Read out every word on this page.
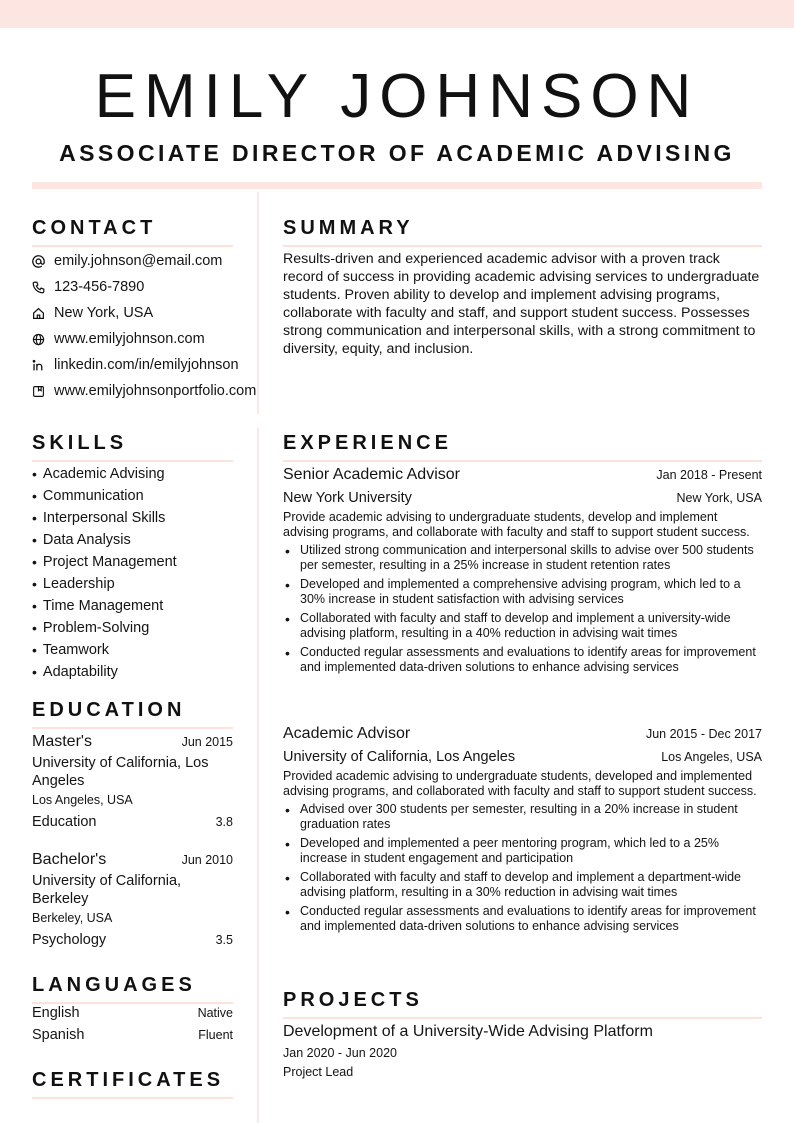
EMILY JOHNSON
ASSOCIATE DIRECTOR OF ACADEMIC ADVISING
CONTACT
emily.johnson@email.com
123-456-7890
New York, USA
www.emilyjohnson.com
linkedin.com/in/emilyjohnson
www.emilyjohnsonportfolio.com
SKILLS
• Academic Advising
• Communication
• Interpersonal Skills
• Data Analysis
• Project Management
• Leadership
• Time Management
• Problem-Solving
• Teamwork
• Adaptability
EDUCATION
Master's	Jun 2015
University of California, Los Angeles
Los Angeles, USA
Education	3.8
Bachelor's	Jun 2010
University of California, Berkeley
Berkeley, USA
Psychology	3.5
LANGUAGES
English	Native
Spanish	Fluent
CERTIFICATES
SUMMARY

Results-driven and experienced academic advisor with a proven track record of success in providing academic advising services to undergraduate students. Proven ability to develop and implement advising programs, collaborate with faculty and staff, and support student success. Possesses strong communication and interpersonal skills, with a strong commitment to diversity, equity, and inclusion.

EXPERIENCE
Senior Academic Advisor	Jan 2018 - Present
New York University	New York, USA
Provide academic advising to undergraduate students, develop and implement advising programs, and collaborate with faculty and staff to support student success.
• Utilized strong communication and interpersonal skills to advise over 500 students per semester, resulting in a 25% increase in student retention rates
• Developed and implemented a comprehensive advising program, which led to a 30% increase in student satisfaction with advising services
• Collaborated with faculty and staff to develop and implement a university-wide advising platform, resulting in a 40% reduction in advising wait times
• Conducted regular assessments and evaluations to identify areas for improvement and implemented data-driven solutions to enhance advising services
Academic Advisor	Jun 2015 - Dec 2017
University of California, Los Angeles	Los Angeles, USA
Provided academic advising to undergraduate students, developed and implemented advising programs, and collaborated with faculty and staff to support student success.
• Advised over 300 students per semester, resulting in a 20% increase in student graduation rates
• Developed and implemented a peer mentoring program, which led to a 25% increase in student engagement and participation
• Collaborated with faculty and staff to develop and implement a department-wide advising platform, resulting in a 30% reduction in advising wait times
• Conducted regular assessments and evaluations to identify areas for improvement and implemented data-driven solutions to enhance advising services
PROJECTS
Development of a University-Wide Advising Platform
Jan 2020 - Jun 2020
Project Lead
